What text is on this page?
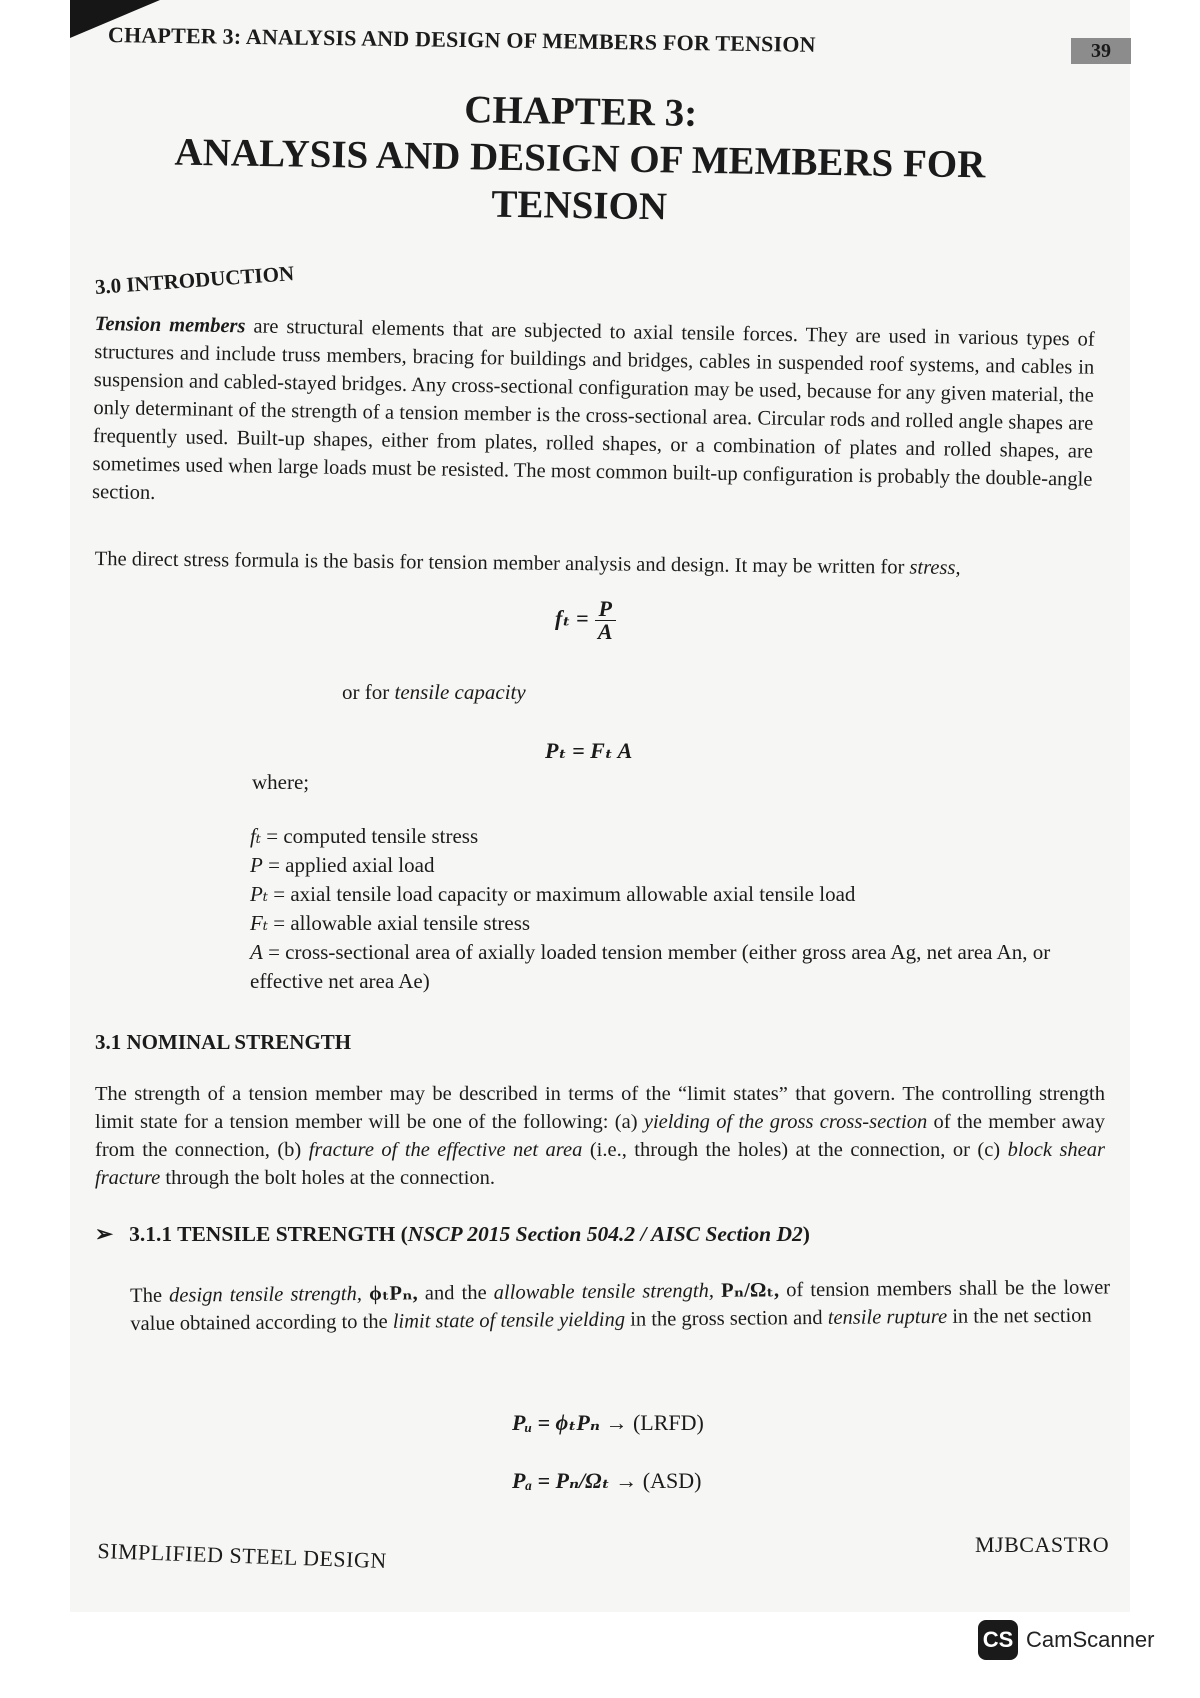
CHAPTER 3: ANALYSIS AND DESIGN OF MEMBERS FOR TENSION	39
CHAPTER 3:
ANALYSIS AND DESIGN OF MEMBERS FOR
TENSION
3.0 INTRODUCTION
Tension members are structural elements that are subjected to axial tensile forces. They are used in various types of structures and include truss members, bracing for buildings and bridges, cables in suspended roof systems, and cables in suspension and cabled-stayed bridges. Any cross-sectional configuration may be used, because for any given material, the only determinant of the strength of a tension member is the cross-sectional area. Circular rods and rolled angle shapes are frequently used. Built-up shapes, either from plates, rolled shapes, or a combination of plates and rolled shapes, are sometimes used when large loads must be resisted. The most common built-up configuration is probably the double-angle section.
The direct stress formula is the basis for tension member analysis and design. It may be written for stress,
$f_t = \frac{P}{A}$
or for tensile capacity
Pₜ = Fₜ A
where;
fₜ = computed tensile stress
P = applied axial load
Pₜ = axial tensile load capacity or maximum allowable axial tensile load
Fₜ = allowable axial tensile stress
A = cross-sectional area of axially loaded tension member (either gross area Ag, net area An, or
effective net area Ae)
3.1 NOMINAL STRENGTH
The strength of a tension member may be described in terms of the “limit states” that govern. The controlling strength limit state for a tension member will be one of the following: (a) yielding of the gross cross-section of the member away from the connection, (b) fracture of the effective net area (i.e., through the holes) at the connection, or (c) block shear fracture through the bolt holes at the connection.
➢ 3.1.1 TENSILE STRENGTH (NSCP 2015 Section 504.2 / AISC Section D2)
The design tensile strength, ϕₜPₙ, and the allowable tensile strength, Pₙ/Ωₜ, of tension members shall be the lower value obtained according to the limit state of tensile yielding in the gross section and tensile rupture in the net section
Pᵤ = ϕₜPₙ → (LRFD)
Pₐ = Pₙ/Ωₜ → (ASD)
SIMPLIFIED STEEL DESIGN	MJBCASTRO
CS CamScanner
